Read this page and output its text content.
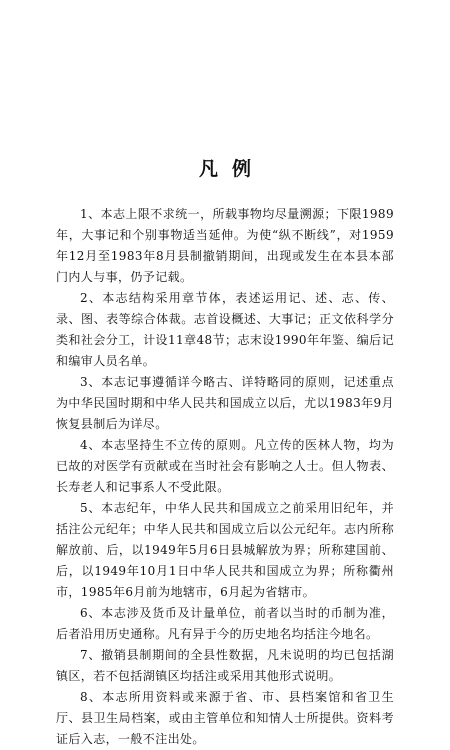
凡例

1、本志上限不求统一，所载事物均尽量溯源；下限1989年，大事记和个别事物适当延伸。为使“纵不断线”，对1959年12月至1983年8月县制撤销期间，出现或发生在本县本部门内人与事，仍予记载。

2、本志结构采用章节体，表述运用记、述、志、传、录、图、表等综合体裁。志首设概述、大事记；正文依科学分类和社会分工，计设11章48节；志末设1990年年鉴、编后记和编审人员名单。

3、本志记事遵循详今略古、详特略同的原则，记述重点为中华民国时期和中华人民共和国成立以后，尤以1983年9月恢复县制后为详尽。

4、本志坚持生不立传的原则。凡立传的医林人物，均为已故的对医学有贡献或在当时社会有影响之人士。但人物表、长寿老人和记事系人不受此限。

5、本志纪年，中华人民共和国成立之前采用旧纪年，并括注公元纪年；中华人民共和国成立后以公元纪年。志内所称解放前、后，以1949年5月6日县城解放为界；所称建国前、后，以1949年10月1日中华人民共和国成立为界；所称衢州市，1985年6月前为地辖市，6月起为省辖市。

6、本志涉及货币及计量单位，前者以当时的币制为准，后者沿用历史通称。凡有异于今的历史地名均括注今地名。

7、撤销县制期间的全县性数据，凡未说明的均已包括湖镇区，若不包括湖镇区均括注或采用其他形式说明。

8、本志所用资料或来源于省、市、县档案馆和省卫生厅、县卫生局档案，或由主管单位和知情人士所提供。资料考证后入志，一般不注出处。
